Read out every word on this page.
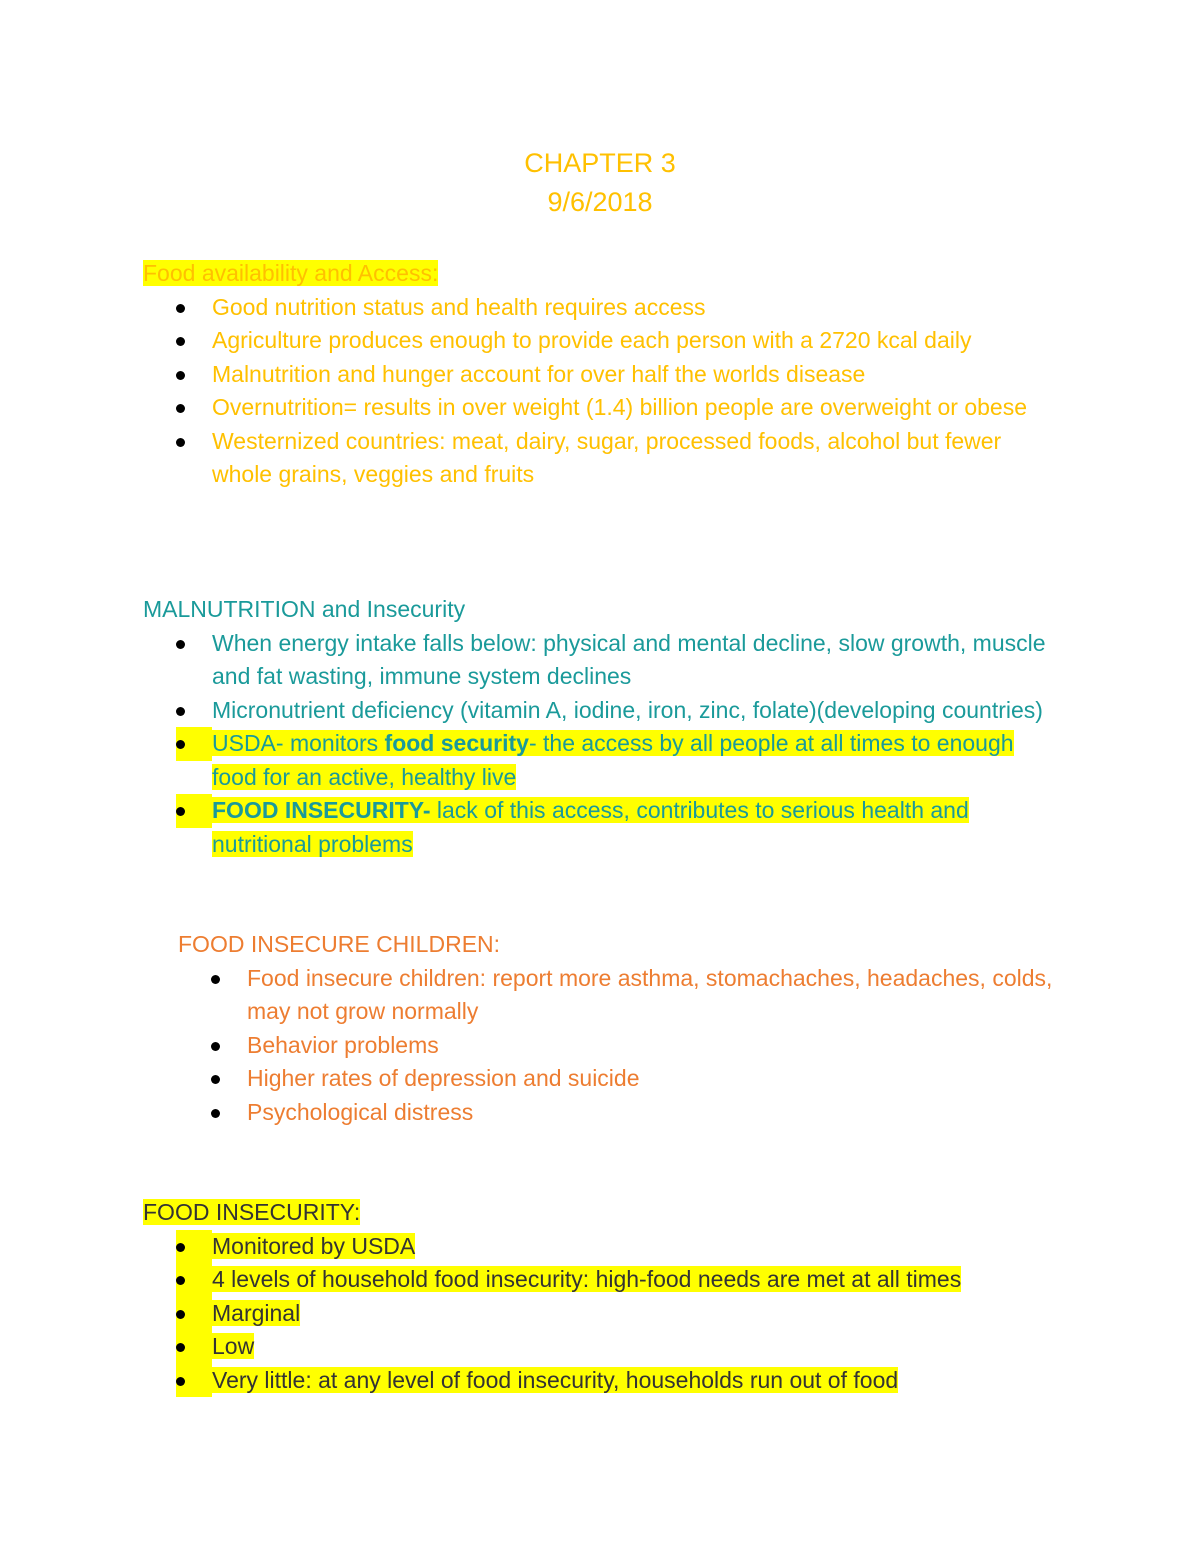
CHAPTER 3
9/6/2018
Food availability and Access:
Good nutrition status and health requires access
Agriculture produces enough to provide each person with a 2720 kcal daily
Malnutrition and hunger account for over half the worlds disease
Overnutrition= results in over weight (1.4) billion people are overweight or obese
Westernized countries: meat, dairy, sugar, processed foods, alcohol but fewer whole grains, veggies and fruits
MALNUTRITION and Insecurity
When energy intake falls below: physical and mental decline, slow growth, muscle and fat wasting, immune system declines
Micronutrient deficiency (vitamin A, iodine, iron, zinc, folate)(developing countries)
USDA- monitors food security- the access by all people at all times to enough food for an active, healthy live
FOOD INSECURITY- lack of this access, contributes to serious health and nutritional problems
FOOD INSECURE CHILDREN:
Food insecure children: report more asthma, stomachaches, headaches, colds, may not grow normally
Behavior problems
Higher rates of depression and suicide
Psychological distress
FOOD INSECURITY:
Monitored by USDA
4 levels of household food insecurity: high-food needs are met at all times
Marginal
Low
Very little: at any level of food insecurity, households run out of food
